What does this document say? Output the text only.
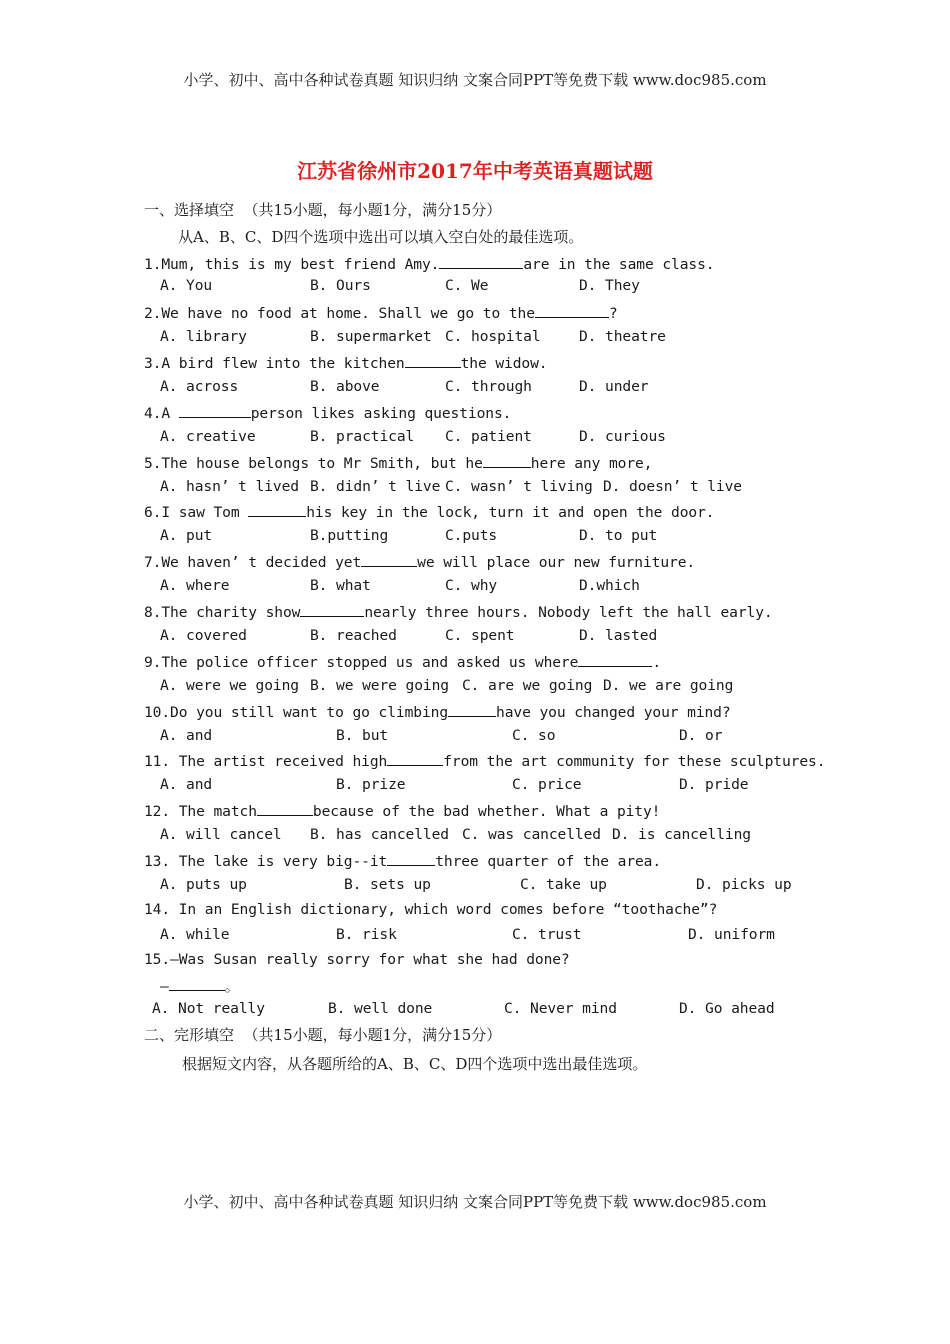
小学、初中、高中各种试卷真题 知识归纳 文案合同PPT等免费下载 www.doc985.com
江苏省徐州市2017年中考英语真题试题
一、选择填空  （共15小题，每小题1分，满分15分）
从A、B、C、D四个选项中选出可以填入空白处的最佳选项。
1.Mum, this is my best friend Amy.	are in the same class.
A. You	B. Ours	C. We	D. They
2.We have no food at home. Shall we go to the	?
A. library	B. supermarket C. hospital	D. theatre
3.A bird flew into the kitchen	the widow.
A. across	B. above	C. through	D. under
4.A	person likes asking questions.
A. creative	B. practical C. patient	D. curious
5.The house belongs to Mr Smith, but he	here any more,
A. hasn’ t lived B. didn’ t live C. wasn’ t living D. doesn’ t live
6.I saw Tom	his key in the lock, turn it and open the door.
A. put	B.putting	C.puts	D. to put
7.We haven’ t decided yet	we will place our new furniture.
A. where	B. what	C. why	D.which
8.The charity show	nearly three hours. Nobody left the hall early.
A. covered	B. reached	C. spent	D. lasted
9.The police officer stopped us and asked us where	.
A. were we going B. we were going C. are we going D. we are going
10.Do you still want to go climbing	have you changed your mind?
A. and	B. but	C. so	D. or
11. The artist received high	from the art community for these sculptures.
A. and	B. prize	C. price	D. pride
12. The match	because of the bad whether. What a pity!
A. will cancel B. has cancelled C. was cancelled D. is cancelling
13. The lake is very big--it	three quarter of the area.
A. puts up	B. sets up	C. take up	D. picks up
14. In an English dictionary, which word comes before “toothache”?
A. while	B. risk	C. trust	D. uniform
15.—Was Susan really sorry for what she had done?
—	。
A. Not really	B. well done	C. Never mind	D. Go ahead
二、完形填空  （共15小题，每小题1分，满分15分）
根据短文内容，从各题所给的A、B、C、D四个选项中选出最佳选项。
小学、初中、高中各种试卷真题 知识归纳 文案合同PPT等免费下载 www.doc985.com
